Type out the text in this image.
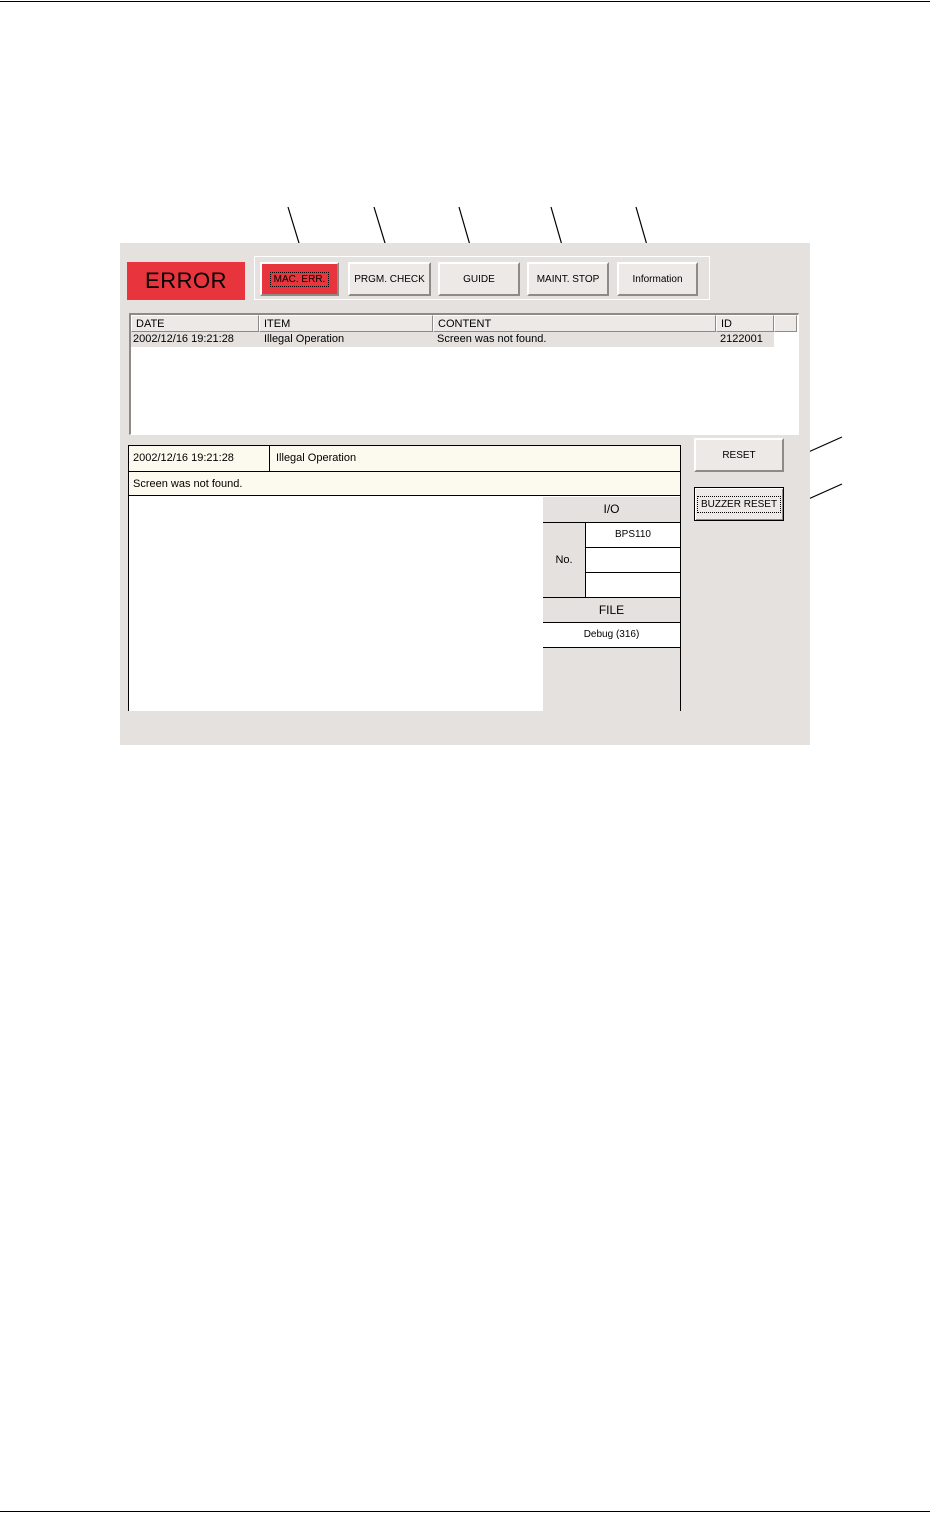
ERROR	MAC. ERR.	PRGM. CHECK	GUIDE	MAINT. STOP	Information
DATE	ITEM	CONTENT	ID
2002/12/16 19:21:28	Illegal Operation	Screen was not found.	2122001
2002/12/16 19:21:28	Illegal Operation
Screen was not found.
I/O
No.
BPS110
FILE
Debug (316)
RESET
BUZZER RESET
